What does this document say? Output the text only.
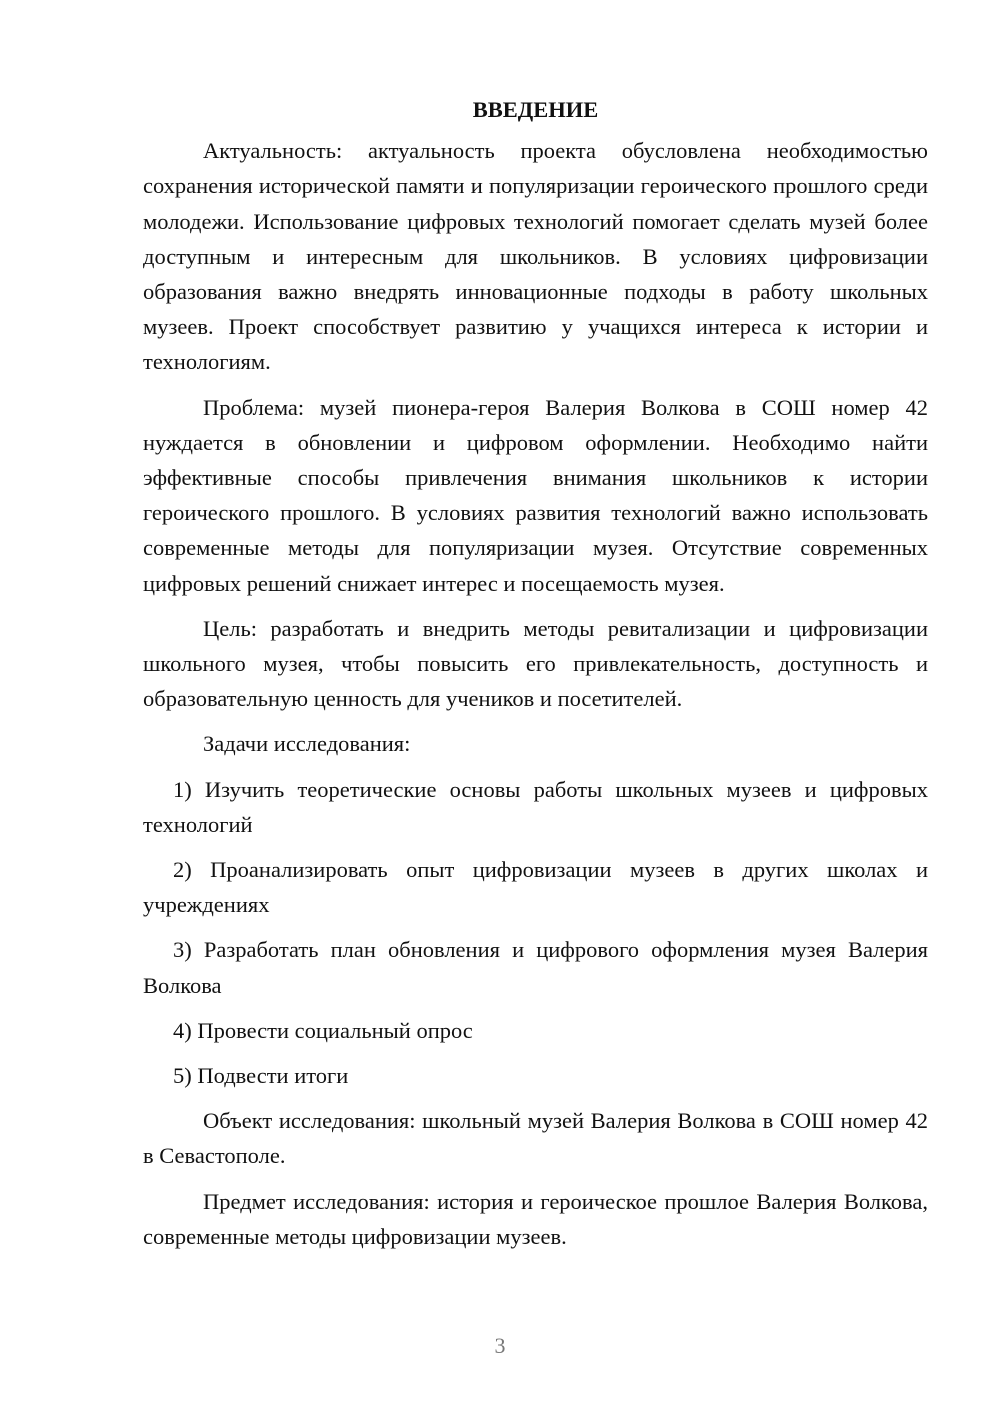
ВВЕДЕНИЕ

Актуальность: актуальность проекта обусловлена необходимостью сохранения исторической памяти и популяризации героического прошлого среди молодежи. Использование цифровых технологий помогает сделать музей более доступным и интересным для школьников. В условиях цифровизации образования важно внедрять инновационные подходы в работу школьных музеев. Проект способствует развитию у учащихся интереса к истории и технологиям.

Проблема: музей пионера-героя Валерия Волкова в СОШ номер 42 нуждается в обновлении и цифровом оформлении. Необходимо найти эффективные способы привлечения внимания школьников к истории героического прошлого. В условиях развития технологий важно использовать современные методы для популяризации музея. Отсутствие современных цифровых решений снижает интерес и посещаемость музея.

Цель: разработать и внедрить методы ревитализации и цифровизации школьного музея, чтобы повысить его привлекательность, доступность и образовательную ценность для учеников и посетителей.

Задачи исследования:

1) Изучить теоретические основы работы школьных музеев и цифровых технологий

2) Проанализировать опыт цифровизации музеев в других школах и учреждениях

3) Разработать план обновления и цифрового оформления музея Валерия Волкова

4) Провести социальный опрос

5) Подвести итоги

Объект исследования: школьный музей Валерия Волкова в СОШ номер 42 в Севастополе.

Предмет исследования: история и героическое прошлое Валерия Волкова, современные методы цифровизации музеев.

3
